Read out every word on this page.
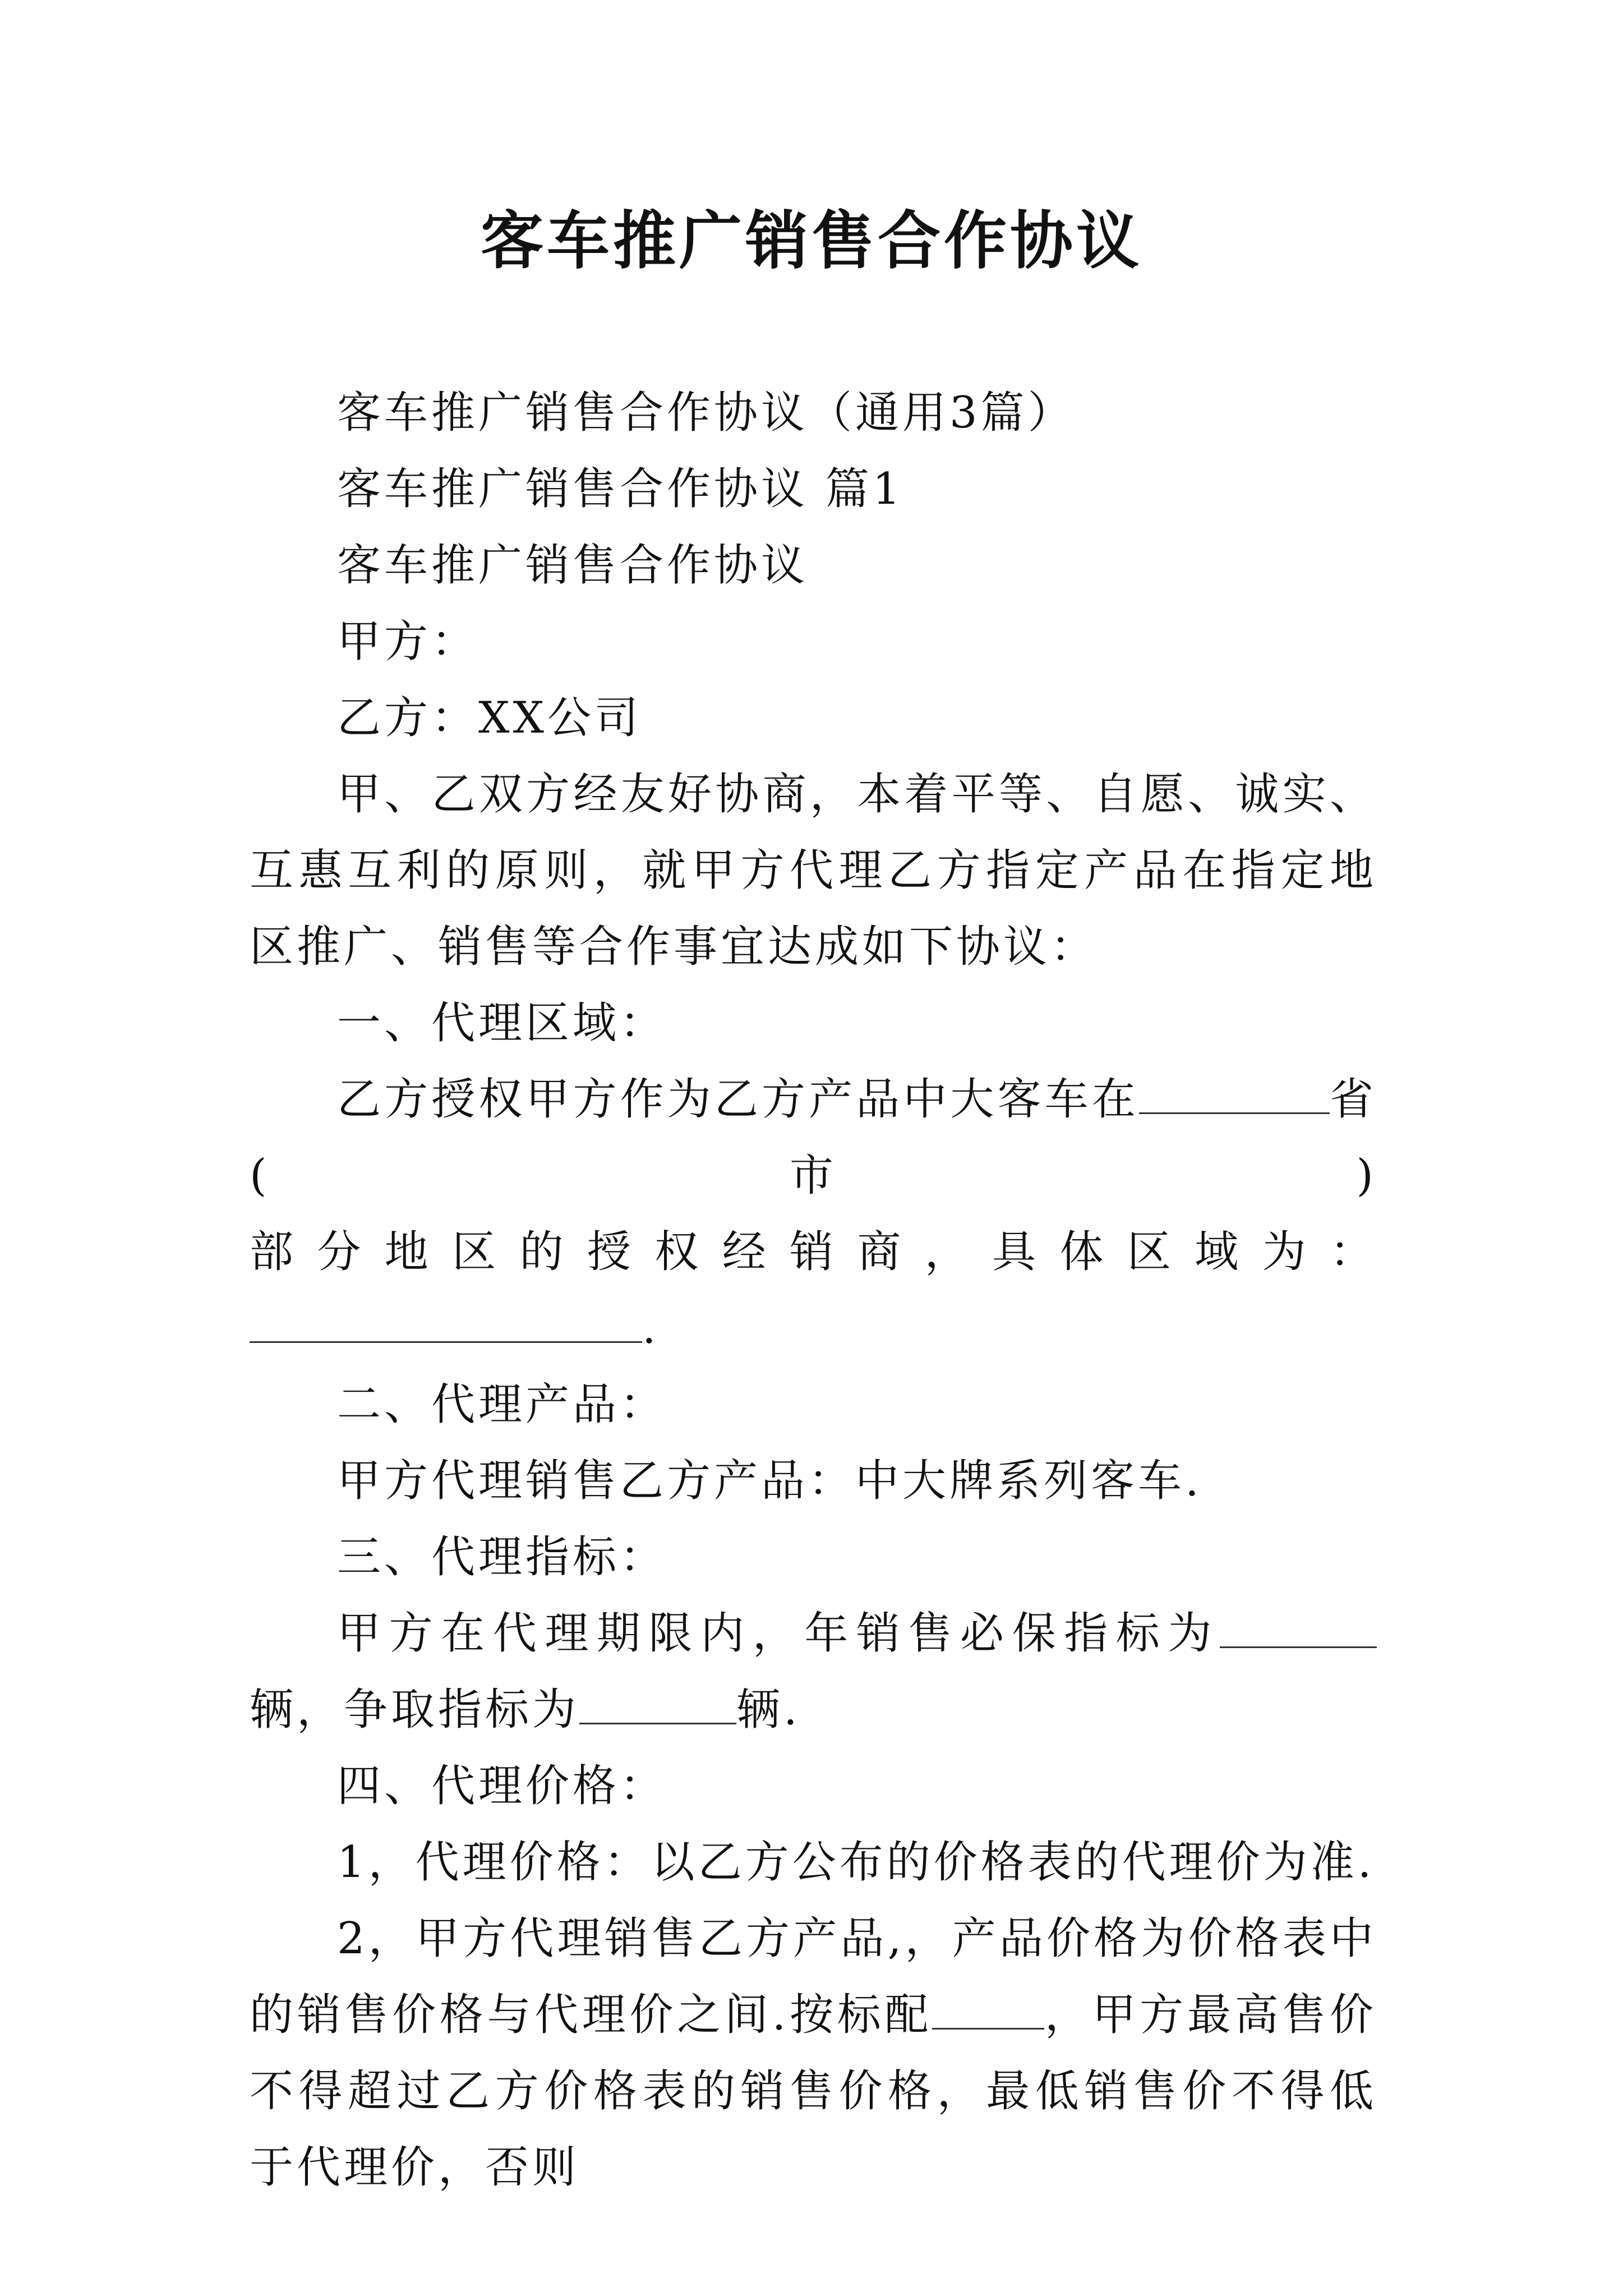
客车推广销售合作协议

客车推广销售合作协议（通用3篇）

客车推广销售合作协议 篇1

客车推广销售合作协议

甲方：

乙方：XX公司

甲、乙双方经友好协商，本着平等、自愿、诚实、互惠互利的原则，就甲方代理乙方指定产品在指定地区推广、销售等合作事宜达成如下协议：

一、代理区域：

乙方授权甲方作为乙方产品中大客车在	省(市)

部分地区的授权经销商，具体区域为：

.

二、代理产品：

甲方代理销售乙方产品：中大牌系列客车.

三、代理指标：

甲方在代理期限内，年销售必保指标为辆，争取指标为	辆.

四、代理价格：

1，代理价格：以乙方公布的价格表的代理价为准.

2，甲方代理销售乙方产品,，产品价格为价格表中的销售价格与代理价之间.按标配	，甲方最高售价不得超过乙方价格表的销售价格，最低销售价不得低于代理价，否则
